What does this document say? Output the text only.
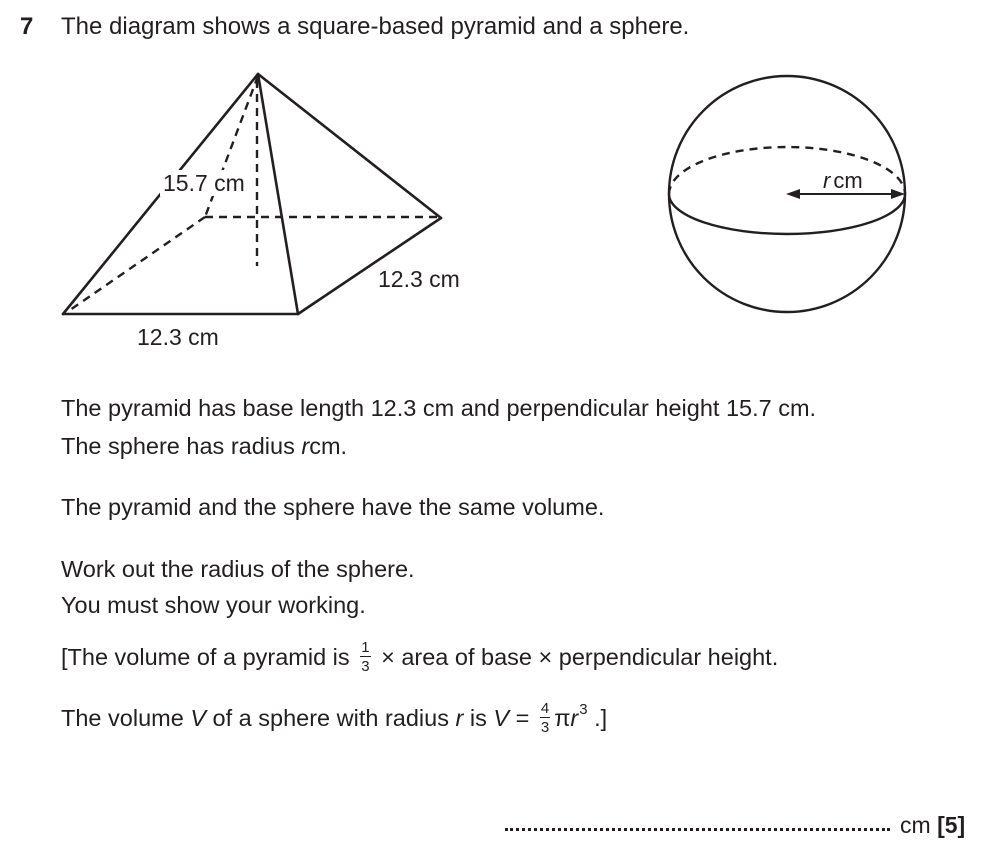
7 The diagram shows a square-based pyramid and a sphere.
15.7 cm
12.3 cm
12.3 cm
r cm
The pyramid has base length 12.3 cm and perpendicular height 15.7 cm.
The sphere has radius rcm.
The pyramid and the sphere have the same volume.
Work out the radius of the sphere.
You must show your working.
[The volume of a pyramid is $\frac{1}{3}$ × area of base × perpendicular height.
The volume V of a sphere with radius r is $V = \frac{4}{3} \pi r^3$ .]
cm [5]
